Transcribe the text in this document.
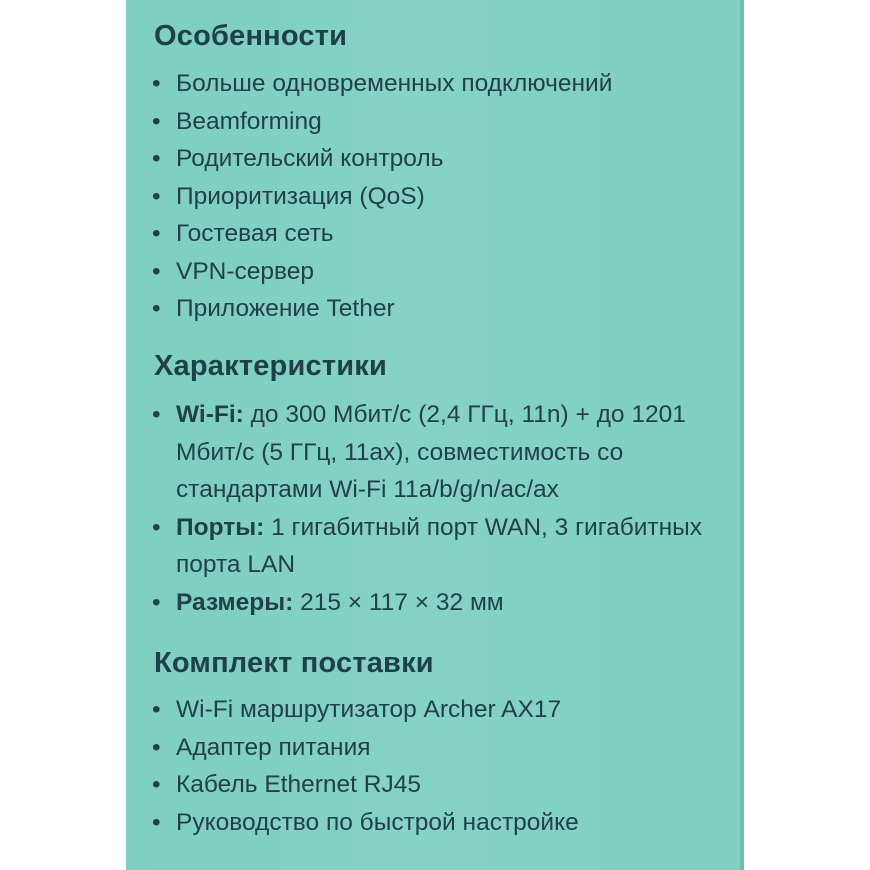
Особенности
• Больше одновременных подключений
• Beamforming
• Родительский контроль
• Приоритизация (QoS)
• Гостевая сеть
• VPN-сервер
• Приложение Tether
Характеристики
• Wi-Fi: до 300 Мбит/с (2,4 ГГц, 11n) + до 1201 Мбит/с (5 ГГц, 11ax), совместимость со стандартами Wi-Fi 11a/b/g/n/ac/ax
• Порты: 1 гигабитный порт WAN, 3 гигабитных порта LAN
• Размеры: 215 × 117 × 32 мм
Комплект поставки
• Wi-Fi маршрутизатор Archer AX17
• Адаптер питания
• Кабель Ethernet RJ45
• Руководство по быстрой настройке
